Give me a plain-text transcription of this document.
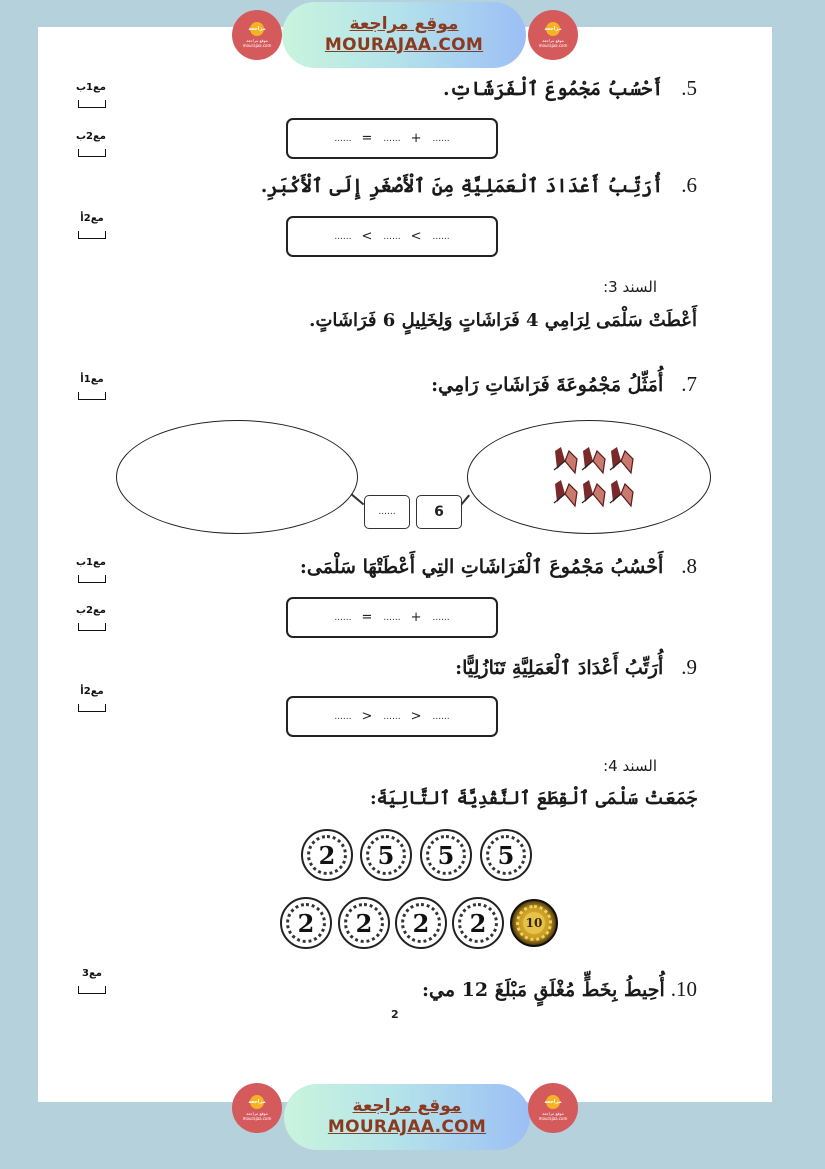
مراجعة
موقع مراجعة mourajaa.com
موقع مراجعة
MOURAJAA.COM
مراجعة
موقع مراجعة mourajaa.com
5.أَحْسُبُ مَجْمُوعَ ٱلْفَرَشَاتِ.
مع1ب
مع2ب	...... = ...... + ......
6.أُرَتِّبُ أَعْدَادَ ٱلْعَمَلِيَّةِ مِنَ ٱلْأَصْغَرِ إِلَى ٱلْأَكْبَرِ.
مع2أ
...... < ...... < ......
السند 3:
أَعْطَتْ سَلْمَى لِرَامِي 4 فَرَاشَاتٍ وَلِخَلِيلٍ 6 فَرَاشَاتٍ.
7.أُمَثِّلُ مَجْمُوعَةَ فَرَاشَاتِ رَامِي:
مع1أ
......	6
8.أَحْسُبُ مَجْمُوعَ ٱلْفَرَاشَاتِ التِي أَعْطَتْهَا سَلْمَى:
مع1ب
مع2ب
...... = ...... + ......
9.أُرَتِّبُ أَعْدَادَ ٱلْعَمَلِيَّةِ تَنَازُلِيًّا:
مع2أ
...... > ...... > ......
السند 4:
جَمَعَتْ سَلْمَى ٱلْقِطَعَ ٱلنَّقْدِيَّةَ ٱلتَّالِيَةَ:
2 5 5 5
2 2 2 2	10
10.أُحِيطُ بِخَطٍّ مُغْلَقٍ مَبْلَغَ 12 مي:
مع3
2
مراجعة
موقع مراجعة mourajaa.com
موقع مراجعة
MOURAJAA.COM
مراجعة
موقع مراجعة mourajaa.com
